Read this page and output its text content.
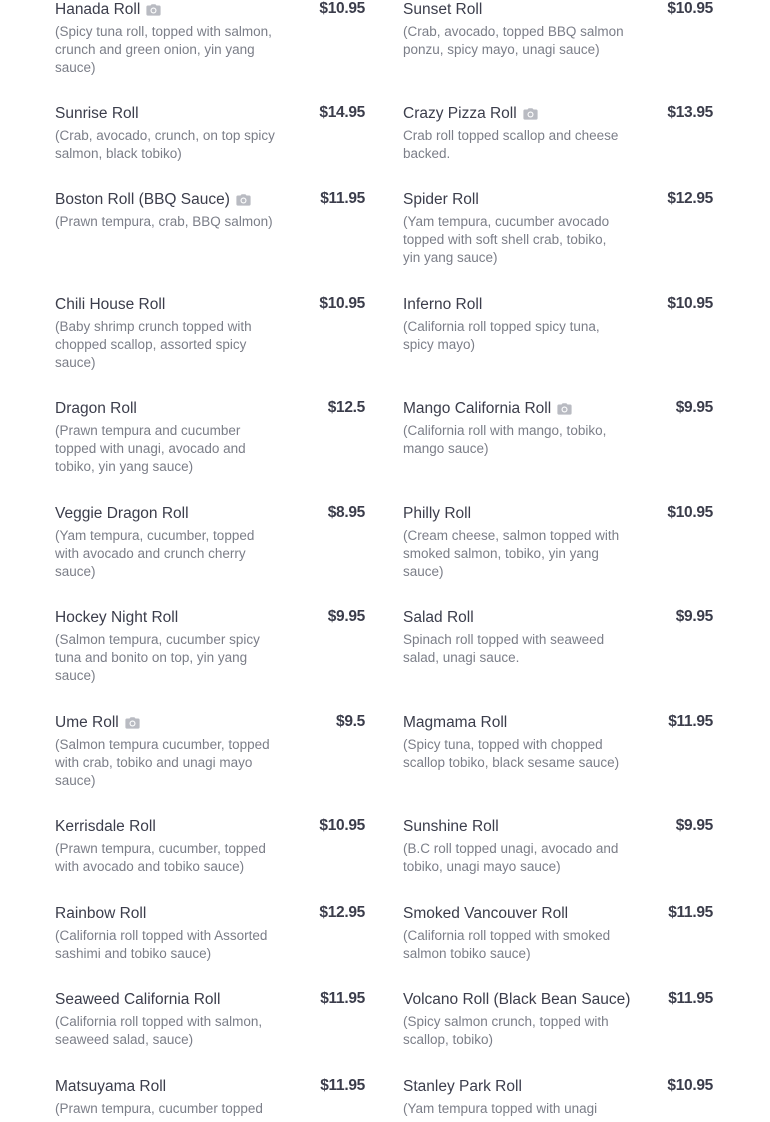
Hanada Roll	$10.95
(Spicy tuna roll, topped with salmon, crunch and green onion, yin yang sauce)
Sunrise Roll	$14.95
(Crab, avocado, crunch, on top spicy salmon, black tobiko)
Boston Roll (BBQ Sauce)	$11.95
(Prawn tempura, crab, BBQ salmon)
Chili House Roll	$10.95
(Baby shrimp crunch topped with chopped scallop, assorted spicy sauce)
Dragon Roll	$12.5
(Prawn tempura and cucumber topped with unagi, avocado and tobiko, yin yang sauce)
Veggie Dragon Roll	$8.95
(Yam tempura, cucumber, topped with avocado and crunch cherry sauce)
Hockey Night Roll	$9.95
(Salmon tempura, cucumber spicy tuna and bonito on top, yin yang sauce)
Ume Roll	$9.5
(Salmon tempura cucumber, topped with crab, tobiko and unagi mayo sauce)
Kerrisdale Roll	$10.95
(Prawn tempura, cucumber, topped with avocado and tobiko sauce)
Rainbow Roll	$12.95
(California roll topped with Assorted sashimi and tobiko sauce)
Seaweed California Roll	$11.95
(California roll topped with salmon, seaweed salad, sauce)
Matsuyama Roll	$11.95
(Prawn tempura, cucumber topped
Sunset Roll	$10.95
(Crab, avocado, topped BBQ salmon ponzu, spicy mayo, unagi sauce)
Crazy Pizza Roll	$13.95
Crab roll topped scallop and cheese backed.
Spider Roll	$12.95
(Yam tempura, cucumber avocado topped with soft shell crab, tobiko, yin yang sauce)
Inferno Roll	$10.95
(California roll topped spicy tuna, spicy mayo)
Mango California Roll	$9.95
(California roll with mango, tobiko, mango sauce)
Philly Roll	$10.95
(Cream cheese, salmon topped with smoked salmon, tobiko, yin yang sauce)
Salad Roll	$9.95
Spinach roll topped with seaweed salad, unagi sauce.
Magmama Roll	$11.95
(Spicy tuna, topped with chopped scallop tobiko, black sesame sauce)
Sunshine Roll	$9.95
(B.C roll topped unagi, avocado and tobiko, unagi mayo sauce)
Smoked Vancouver Roll	$11.95
(California roll topped with smoked salmon tobiko sauce)
Volcano Roll (Black Bean Sauce) $11.95
(Spicy salmon crunch, topped with scallop, tobiko)
Stanley Park Roll	$10.95
(Yam tempura topped with unagi
